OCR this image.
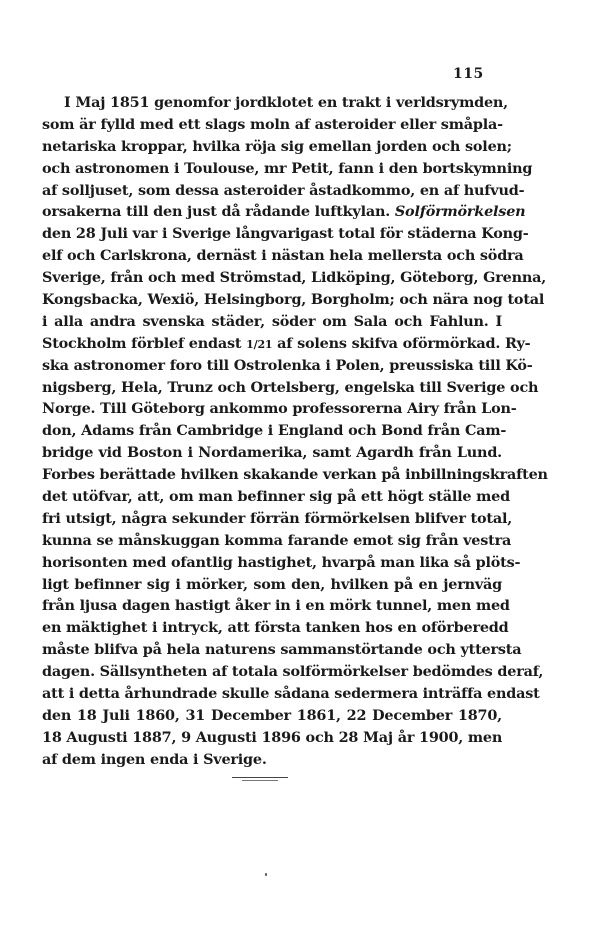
115
I Maj 1851 genomfor jordklotet en trakt i verldsrymden,
som är fylld med ett slags moln af asteroider eller småpla-
netariska kroppar, hvilka röja sig emellan jorden och solen;
och astronomen i Toulouse, mr Petit, fann i den bortskymning
af solljuset, som dessa asteroider åstadkommo, en af hufvud-
orsakerna till den just då rådande luftkylan. Solförmörkelsen
den 28 Juli var i Sverige långvarigast total för städerna Kong-
elf och Carlskrona, dernäst i nästan hela mellersta och södra
Sverige, från och med Strömstad, Lidköping, Göteborg, Grenna,
Kongsbacka, Wexiö, Helsingborg, Borgholm; och nära nog total
i alla andra svenska städer, söder om Sala och Fahlun. I
Stockholm förblef endast 1/21 af solens skifva oförmörkad. Ry-
ska astronomer foro till Ostrolenka i Polen, preussiska till Kö-
nigsberg, Hela, Trunz och Ortelsberg, engelska till Sverige och
Norge. Till Göteborg ankommo professorerna Airy från Lon-
don, Adams från Cambridge i England och Bond från Cam-
bridge vid Boston i Nordamerika, samt Agardh från Lund.
Forbes berättade hvilken skakande verkan på inbillningskraften
det utöfvar, att, om man befinner sig på ett högt ställe med
fri utsigt, några sekunder förrän förmörkelsen blifver total,
kunna se månskuggan komma farande emot sig från vestra
horisonten med ofantlig hastighet, hvarpå man lika så plöts-
ligt befinner sig i mörker, som den, hvilken på en jernväg
från ljusa dagen hastigt åker in i en mörk tunnel, men med
en mäktighet i intryck, att första tanken hos en oförberedd
måste blifva på hela naturens sammanstörtande och yttersta
dagen. Sällsyntheten af totala solförmörkelser bedömdes deraf,
att i detta århundrade skulle sådana sedermera inträffa endast
den 18 Juli 1860, 31 December 1861, 22 December 1870,
18 Augusti 1887, 9 Augusti 1896 och 28 Maj år 1900, men
af dem ingen enda i Sverige.
